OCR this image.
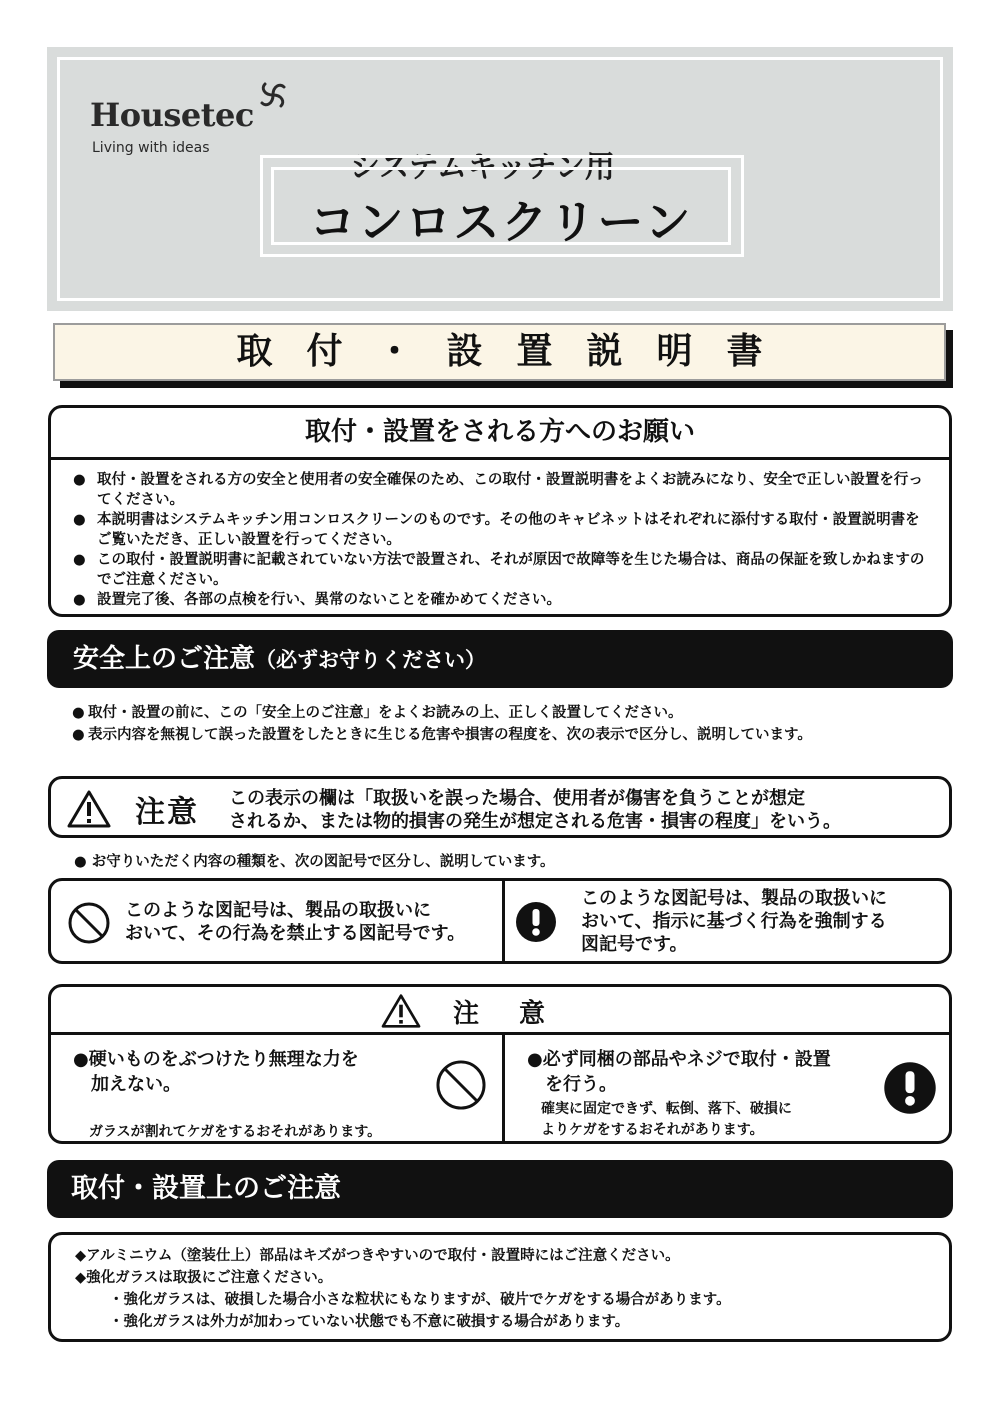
Housetec
Living with ideas
システムキッチン用
コンロスクリーン
取付・設置説明書
取付・設置をされる方へのお願い
● 取付・設置をされる方の安全と使用者の安全確保のため、この取付・設置説明書をよくお読みになり、安全で正しい設置を行ってください。
● 本説明書はシステムキッチン用コンロスクリーンのものです。その他のキャビネットはそれぞれに添付する取付・設置説明書をご覧いただき、正しい設置を行ってください。
● この取付・設置説明書に記載されていない方法で設置され、それが原因で故障等を生じた場合は、商品の保証を致しかねますのでご注意ください。
● 設置完了後、各部の点検を行い、異常のないことを確かめてください。
安全上のご注意（必ずお守りください）
● 取付・設置の前に、この「安全上のご注意」をよくお読みの上、正しく設置してください。
● 表示内容を無視して誤った設置をしたときに生じる危害や損害の程度を、次の表示で区分し、説明しています。
注意 この表示の欄は「取扱いを誤った場合、使用者が傷害を負うことが想定
されるか、または物的損害の発生が想定される危害・損害の程度」をいう。
● お守りいただく内容の種類を、次の図記号で区分し、説明しています。
このような図記号は、製品の取扱いに
おいて、その行為を禁止する図記号です。
このような図記号は、製品の取扱いに
おいて、指示に基づく行為を強制する
図記号です。
注意
●硬いものをぶつけたり無理な力を
加えない。
ガラスが割れてケガをするおそれがあります。
●必ず同梱の部品やネジで取付・設置
を行う。
確実に固定できず、転倒、落下、破損に
よりケガをするおそれがあります。
取付・設置上のご注意
◆アルミニウム（塗装仕上）部品はキズがつきやすいので取付・設置時にはご注意ください。
◆強化ガラスは取扱にご注意ください。
・強化ガラスは、破損した場合小さな粒状にもなりますが、破片でケガをする場合があります。
・強化ガラスは外力が加わっていない状態でも不意に破損する場合があります。
